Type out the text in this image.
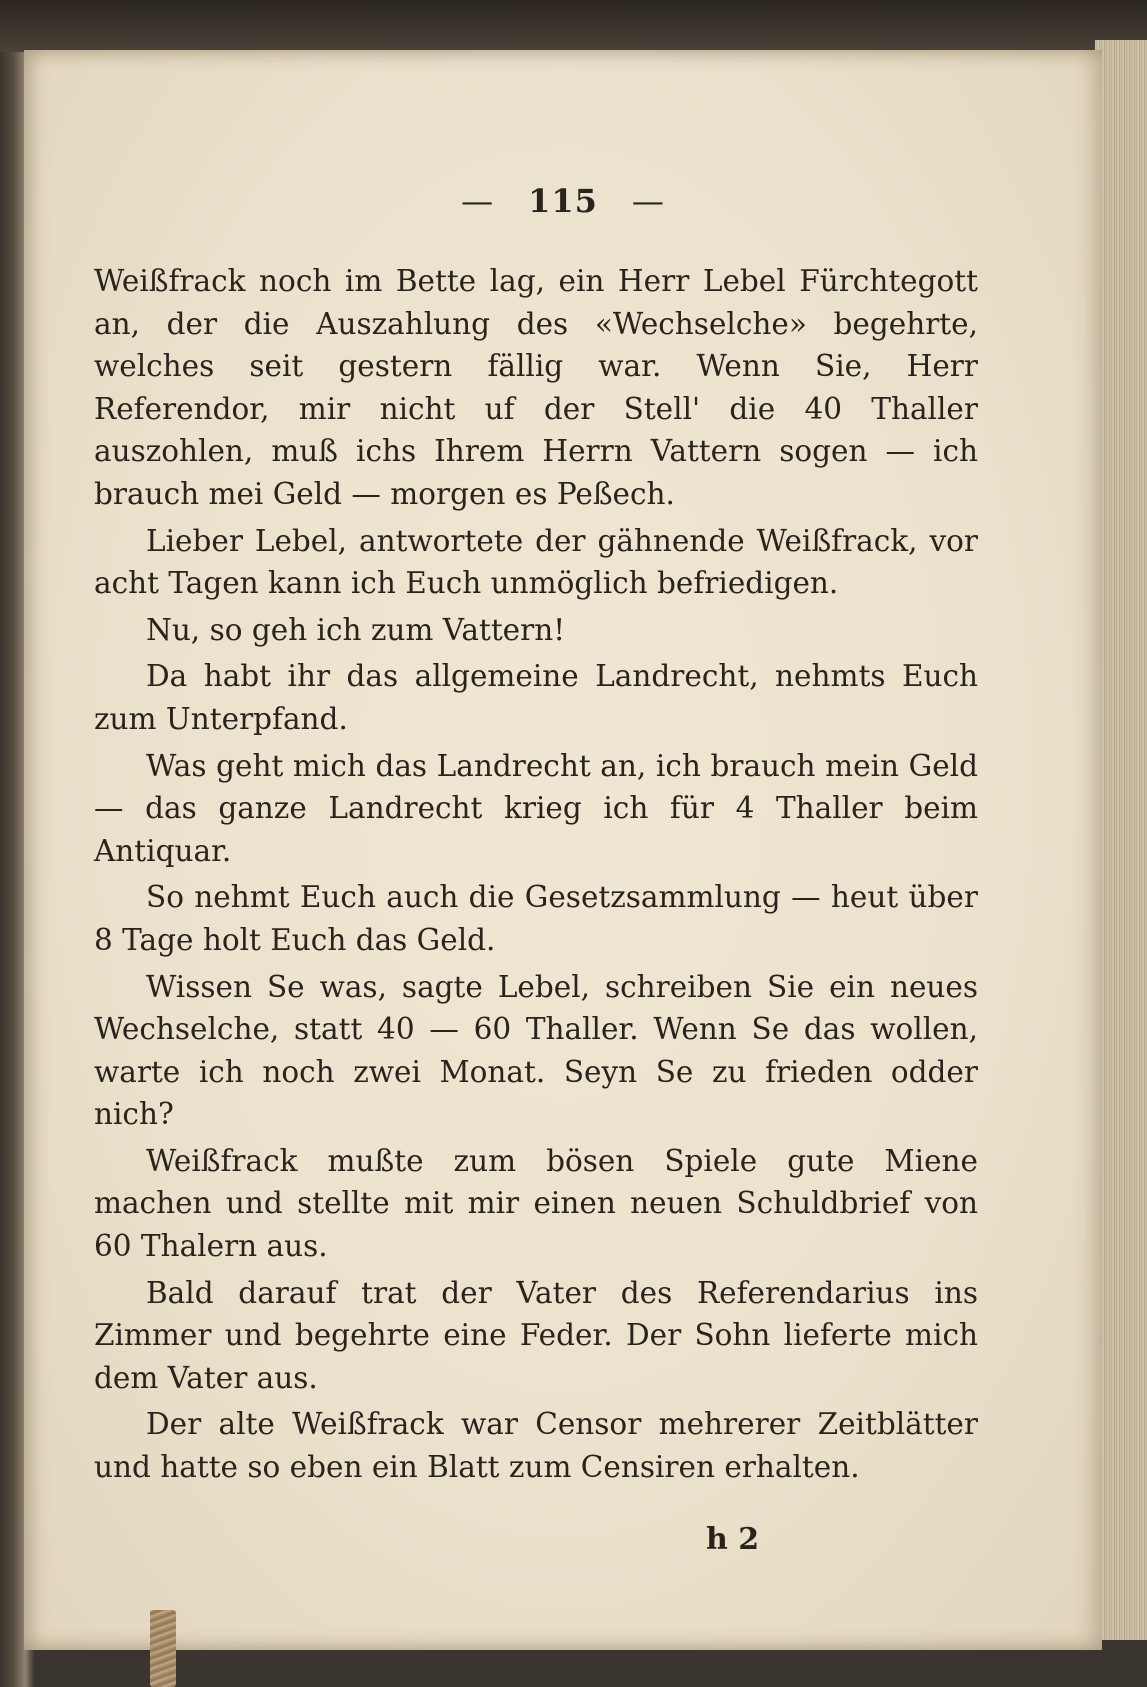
— 115 —

Weißfrack noch im Bette lag, ein Herr Lebel Fürchtegott an, der die Auszahlung des «Wechselche» begehrte, welches seit gestern fällig war. Wenn Sie, Herr Referendor, mir nicht uf der Stell' die 40 Thaller auszohlen, muß ichs Ihrem Herrn Vattern sogen — ich brauch mei Geld — morgen es Peßech.

Lieber Lebel, antwortete der gähnende Weißfrack, vor acht Tagen kann ich Euch unmöglich befriedigen.

Nu, so geh ich zum Vattern!

Da habt ihr das allgemeine Landrecht, nehmts Euch zum Unterpfand.

Was geht mich das Landrecht an, ich brauch mein Geld — das ganze Landrecht krieg ich für 4 Thaller beim Antiquar.

So nehmt Euch auch die Gesetzsammlung — heut über 8 Tage holt Euch das Geld.

Wissen Se was, sagte Lebel, schreiben Sie ein neues Wechselche, statt 40 — 60 Thaller. Wenn Se das wollen, warte ich noch zwei Monat. Seyn Se zu frieden odder nich?

Weißfrack mußte zum bösen Spiele gute Miene machen und stellte mit mir einen neuen Schuldbrief von 60 Thalern aus.

Bald darauf trat der Vater des Referendarius ins Zimmer und begehrte eine Feder. Der Sohn lieferte mich dem Vater aus.

Der alte Weißfrack war Censor mehrerer Zeitblätter und hatte so eben ein Blatt zum Censiren erhalten.

h 2
